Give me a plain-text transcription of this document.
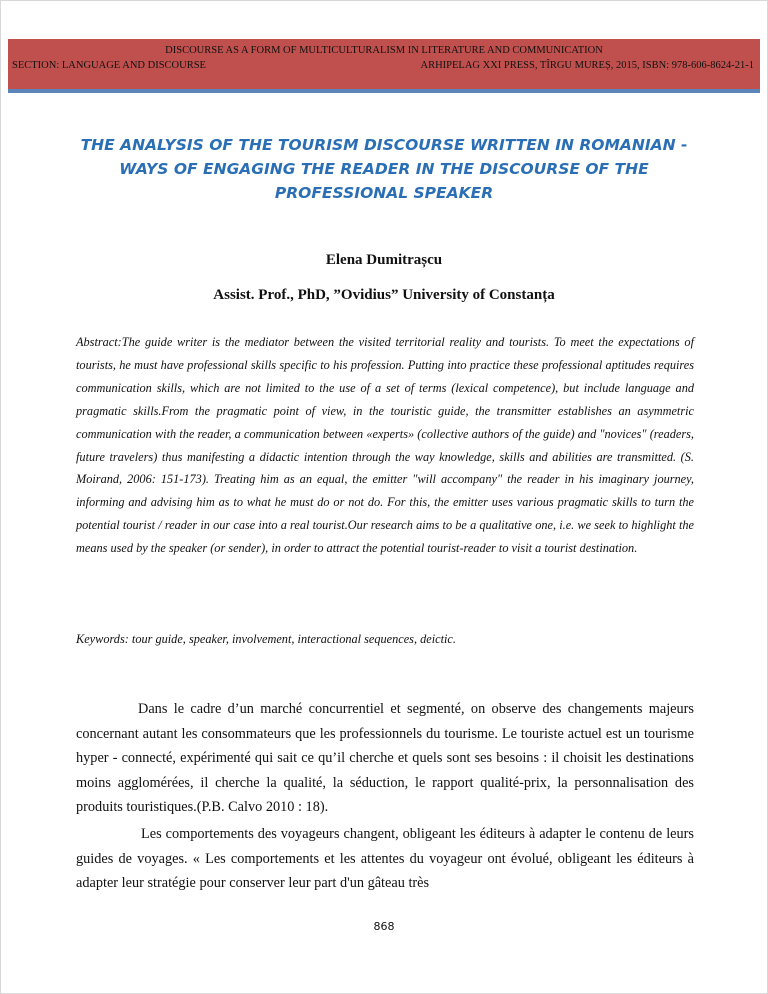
DISCOURSE AS A FORM OF MULTICULTURALISM IN LITERATURE AND COMMUNICATION
SECTION: LANGUAGE AND DISCOURSE	ARHIPELAG XXI PRESS, TÎRGU MUREȘ, 2015, ISBN: 978-606-8624-21-1
THE ANALYSIS OF THE TOURISM DISCOURSE WRITTEN IN ROMANIAN - WAYS OF ENGAGING THE READER IN THE DISCOURSE OF THE PROFESSIONAL SPEAKER
Elena Dumitrașcu
Assist. Prof., PhD, ”Ovidius” University of Constanța

Abstract:The guide writer is the mediator between the visited territorial reality and tourists. To meet the expectations of tourists, he must have professional skills specific to his profession. Putting into practice these professional aptitudes requires communication skills, which are not limited to the use of a set of terms (lexical competence), but include language and pragmatic skills.From the pragmatic point of view, in the touristic guide, the transmitter establishes an asymmetric communication with the reader, a communication between «experts» (collective authors of the guide) and "novices" (readers, future travelers) thus manifesting a didactic intention through the way knowledge, skills and abilities are transmitted. (S. Moirand, 2006: 151-173). Treating him as an equal, the emitter "will accompany" the reader in his imaginary journey, informing and advising him as to what he must do or not do. For this, the emitter uses various pragmatic skills to turn the potential tourist / reader in our case into a real tourist.Our research aims to be a qualitative one, i.e. we seek to highlight the means used by the speaker (or sender), in order to attract the potential tourist-reader to visit a tourist destination.

Keywords: tour guide, speaker, involvement, interactional sequences, deictic.

Dans le cadre d’un marché concurrentiel et segmenté, on observe des changements majeurs concernant autant les consommateurs que les professionnels du tourisme. Le touriste actuel est un tourisme hyper - connecté, expérimenté qui sait ce qu’il cherche et quels sont ses besoins : il choisit les destinations moins agglomérées, il cherche la qualité, la séduction, le rapport qualité-prix, la personnalisation des produits touristiques.(P.B. Calvo 2010 : 18).

Les comportements des voyageurs changent, obligeant les éditeurs à adapter le contenu de leurs guides de voyages. « Les comportements et les attentes du voyageur ont évolué, obligeant les éditeurs à adapter leur stratégie pour conserver leur part d'un gâteau très

868
